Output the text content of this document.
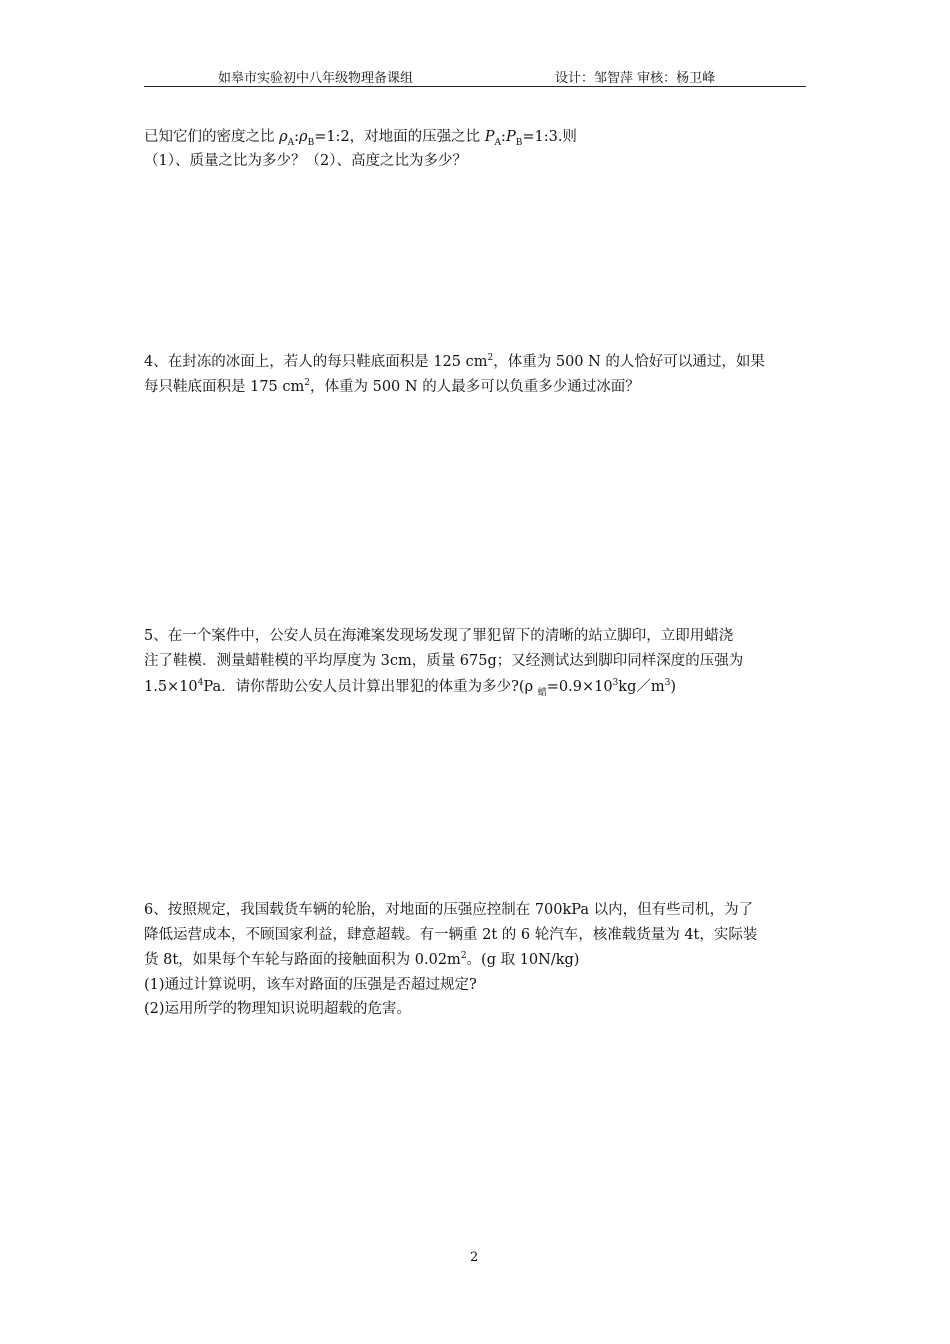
如皋市实验初中八年级物理备课组	设计：邹智萍 审核：杨卫峰
已知它们的密度之比 $\rho_A:\rho_B=1:2$，对地面的压强之比 $P_A:P_B=1:3$.则
（1）、质量之比为多少？（2）、高度之比为多少？
4、在封冻的冰面上，若人的每只鞋底面积是 125 $cm^2$，体重为 500 N 的人恰好可以通过，如果
每只鞋底面积是 175 $cm^2$，体重为 500 N 的人最多可以负重多少通过冰面？
5、在一个案件中，公安人员在海滩案发现场发现了罪犯留下的清晰的站立脚印，立即用蜡浇
注了鞋模．测量蜡鞋模的平均厚度为 3cm，质量 675g；又经测试达到脚印同样深度的压强为
$1.5\times 10^4Pa$．请你帮助公安人员计算出罪犯的体重为多少?(ρ $_蜡=0.9\times 10^3kg/m^3$)
6、按照规定，我国载货车辆的轮胎，对地面的压强应控制在 700kPa 以内，但有些司机，为了
降低运营成本，不顾国家利益，肆意超载。有一辆重 2t 的 6 轮汽车，核准载货量为 4t，实际装
货 8t，如果每个车轮与路面的接触面积为 $0.02m^2$。(g 取 10N/kg)
(1)通过计算说明，该车对路面的压强是否超过规定?
(2)运用所学的物理知识说明超载的危害。
2
